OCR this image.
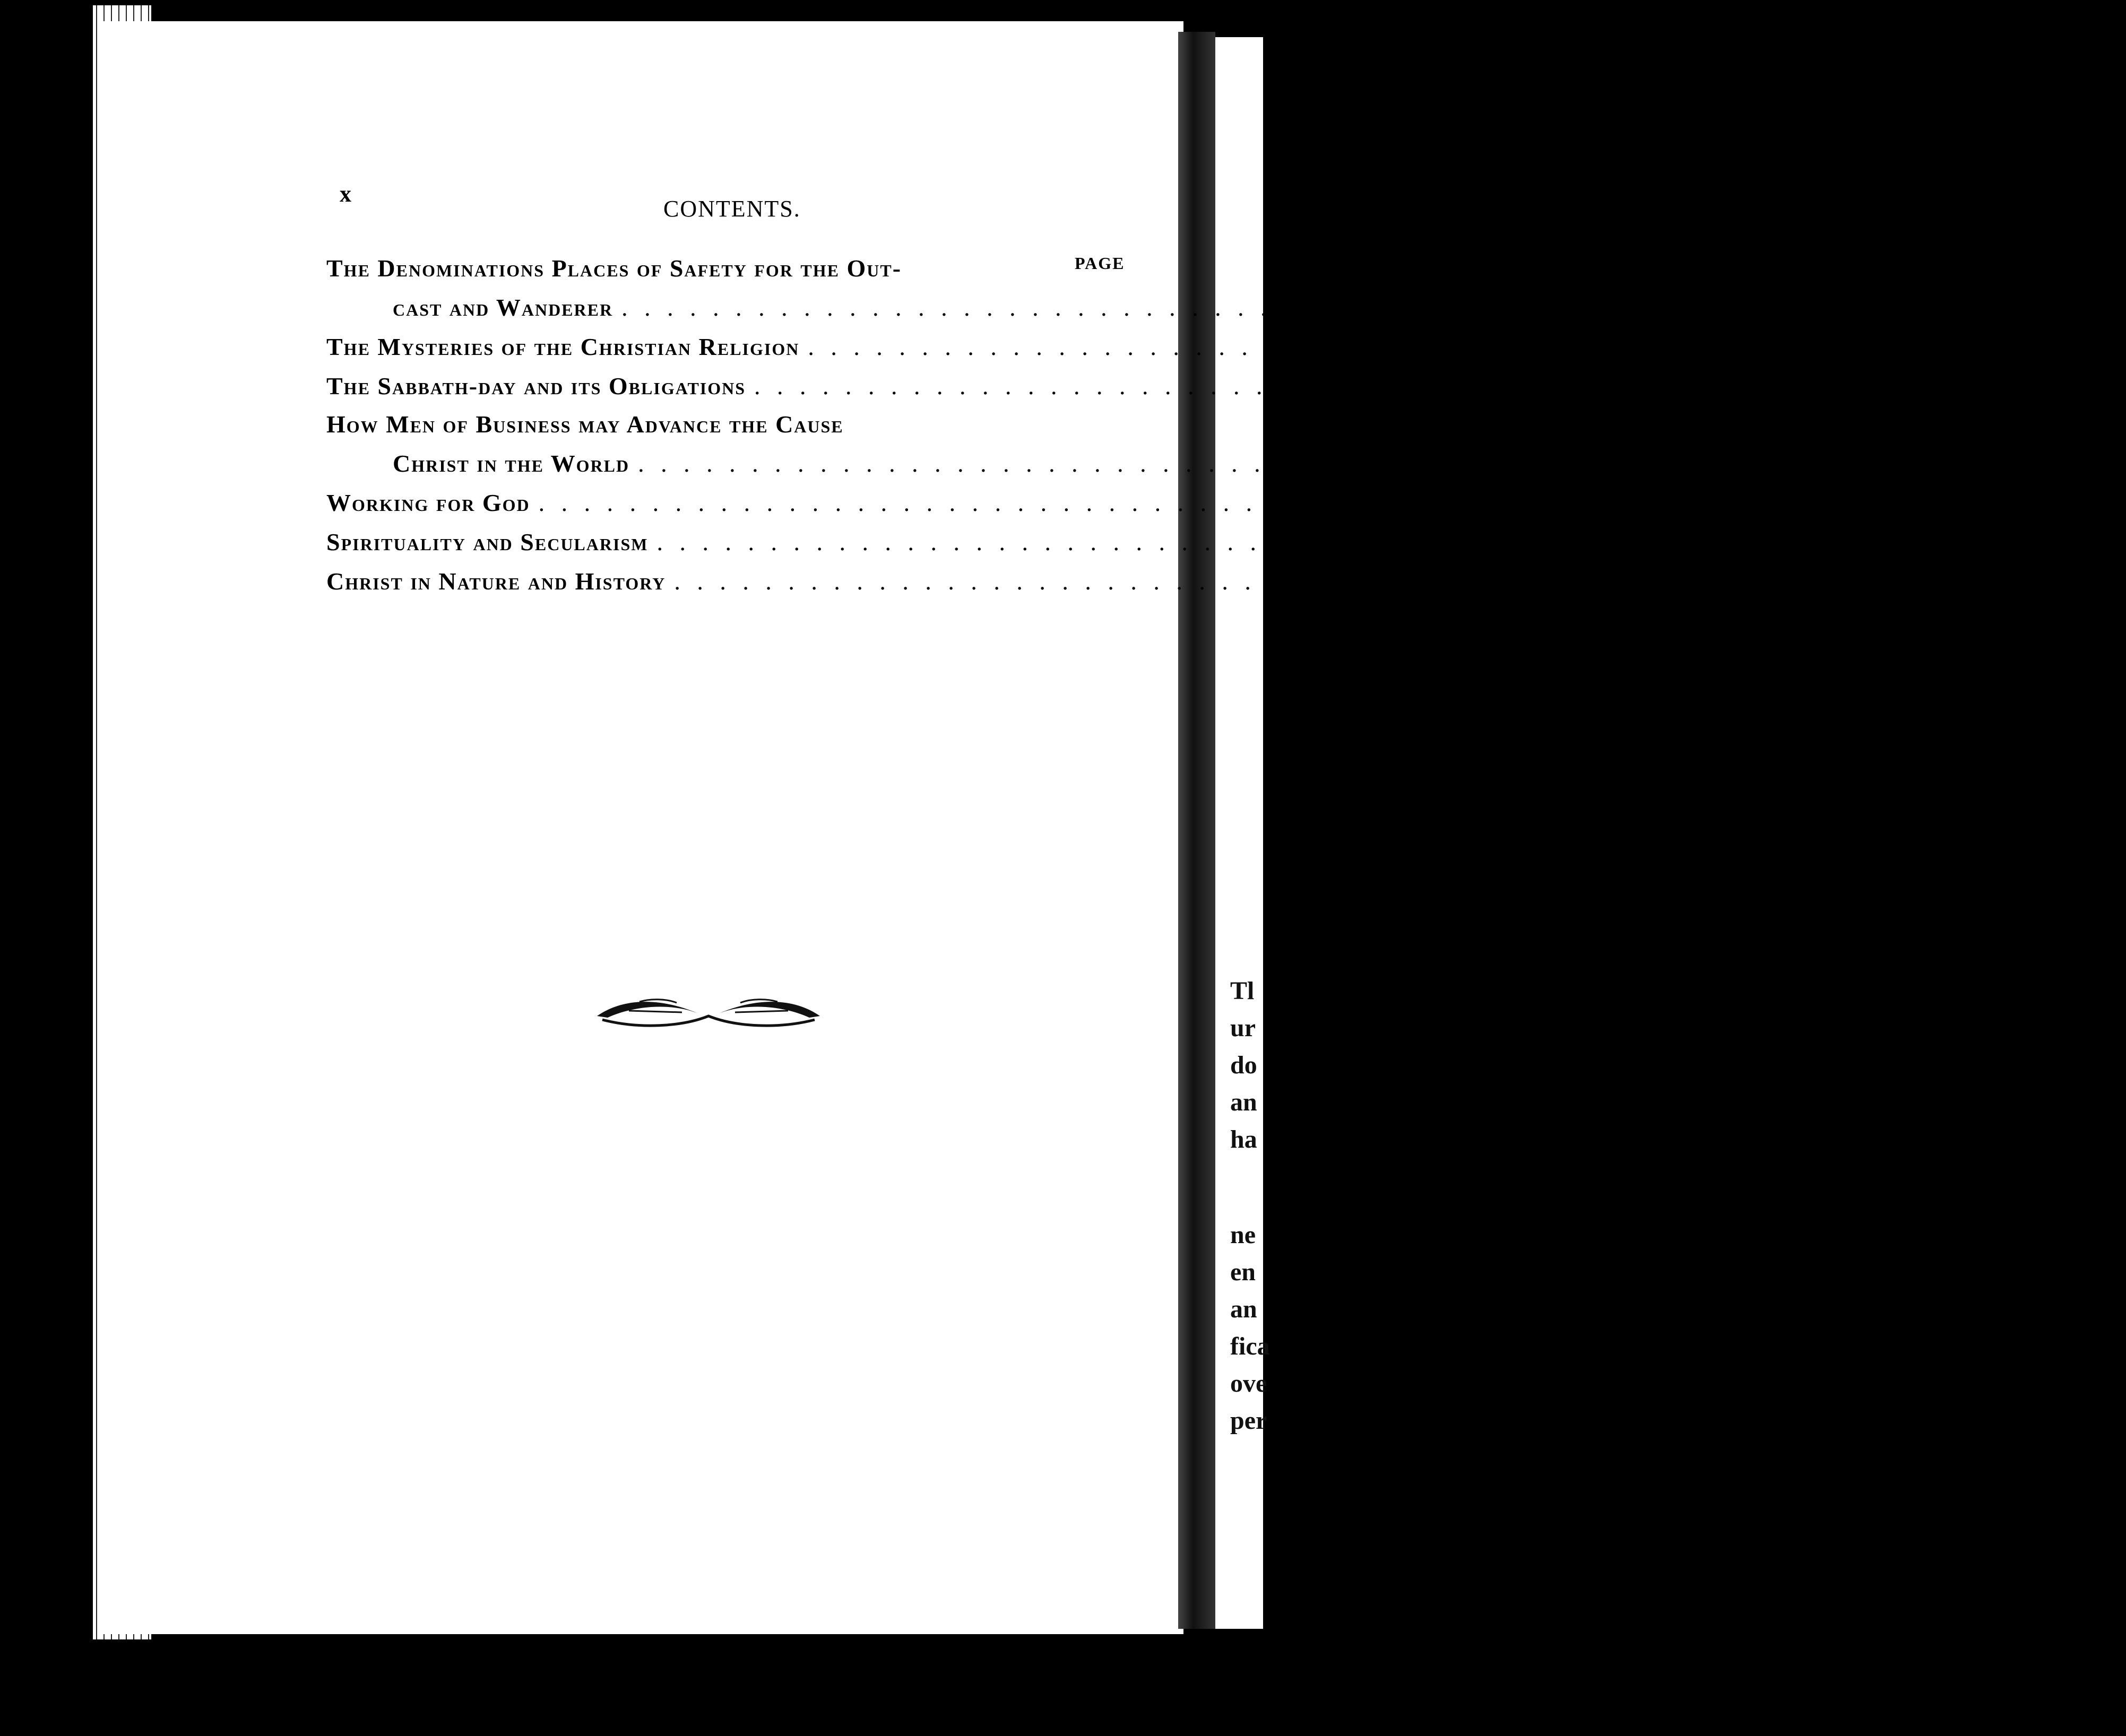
x
CONTENTS.
PAGE
The Denominations Places of Safety for the Out-
cast and Wanderer . . .	216
The Mysteries of the Christian Religion . . .	226
The Sabbath-day and its Obligations . . .	237
How Men of Business may Advance the Cause
Christ in the World . . .	252
Working for God . . .	264
Spirituality and Secularism . . .	281
Christ in Nature and History . . .	294
Tl
ur
do
an
ha
ne
en
an
fica
ove
per
